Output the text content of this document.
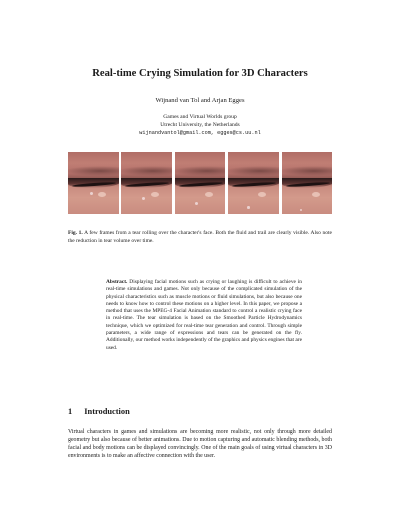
Real-time Crying Simulation for 3D Characters
Wijnand van Tol and Arjan Egges
Games and Virtual Worlds group
Utrecht University, the Netherlands
wijnandvantol@gmail.com, egges@cs.uu.nl
Fig. 1. A few frames from a tear rolling over the character's face. Both the fluid and trail are clearly visible. Also note the reduction in tear volume over time.
Abstract. Displaying facial motions such as crying or laughing is difficult to achieve in real-time simulations and games. Not only because of the complicated simulation of the physical characteristics such as muscle motions or fluid simulations, but also because one needs to know how to control these motions on a higher level. In this paper, we propose a method that uses the MPEG-4 Facial Animation standard to control a realistic crying face in real-time. The tear simulation is based on the Smoothed Particle Hydrodynamics technique, which we optimized for real-time tear generation and control. Through simple parameters, a wide range of expressions and tears can be generated on the fly. Additionally, our method works independently of the graphics and physics engines that are used.
1 Introduction
Virtual characters in games and simulations are becoming more realistic, not only through more detailed geometry but also because of better animations. Due to motion capturing and automatic blending methods, both facial and body motions can be displayed convincingly. One of the main goals of using virtual characters in 3D environments is to make an affective connection with the user.
